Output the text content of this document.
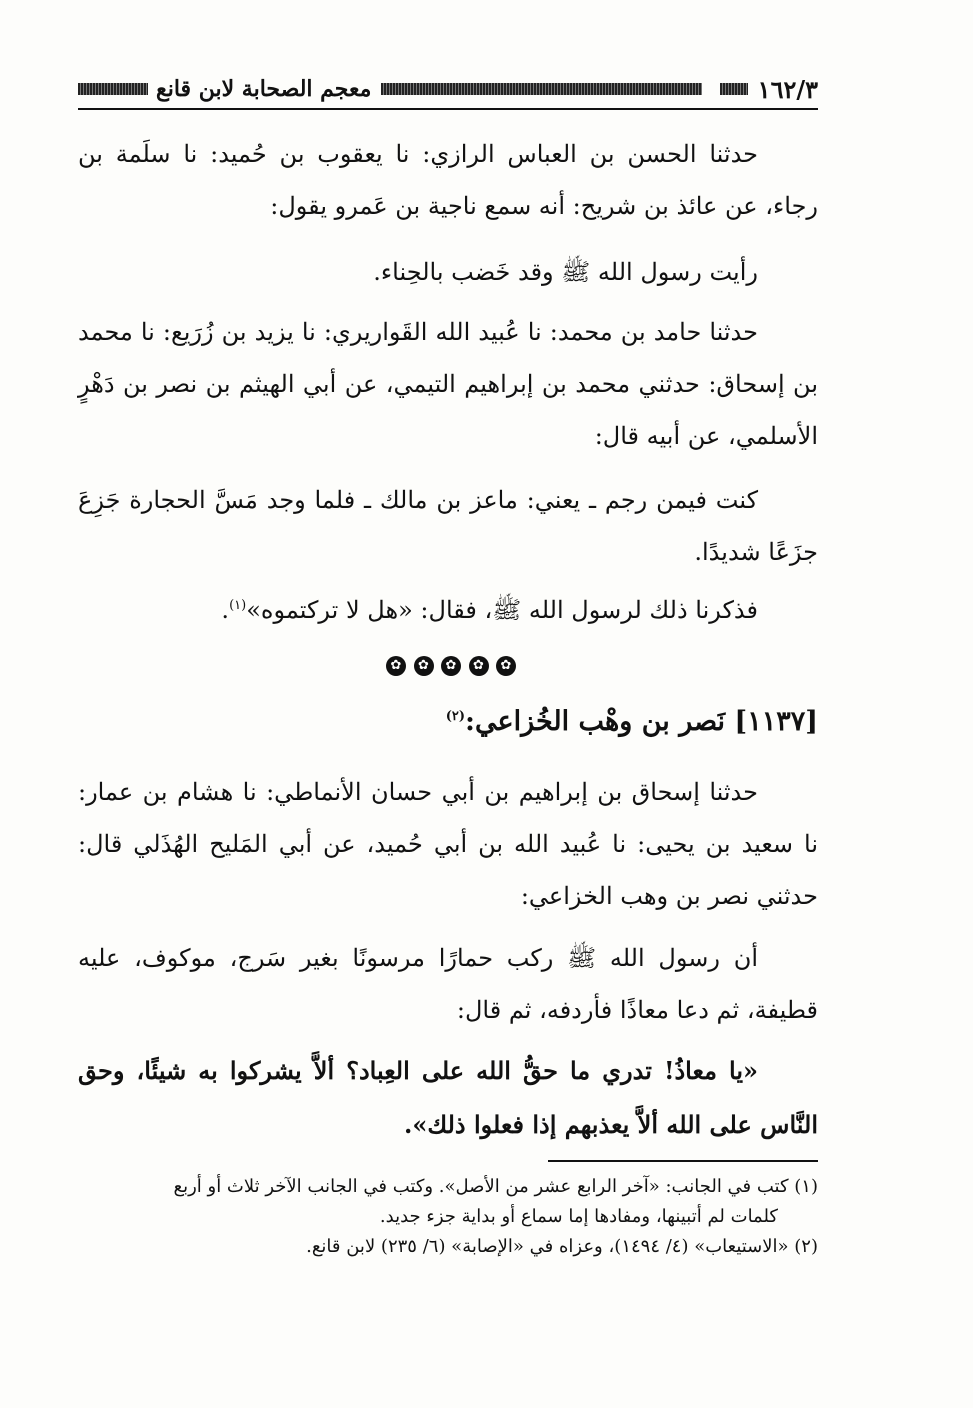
١٦٢/٣
معجم الصحابة لابن قانع

حدثنا الحسن بن العباس الرازي: نا يعقوب بن حُميد: نا سلَمة بن رجاء، عن عائذ بن شريح: أنه سمع ناجية بن عَمرو يقول:

رأيت رسول الله ﷺ وقد خَضب بالحِناء.

حدثنا حامد بن محمد: نا عُبيد الله القَواريري: نا يزيد بن زُرَيع: نا محمد بن إسحاق: حدثني محمد بن إبراهيم التيمي، عن أبي الهيثم بن نصر بن دَهْرٍ الأسلمي، عن أبيه قال:

كنت فيمن رجم ـ يعني: ماعز بن مالك ـ فلما وجد مَسَّ الحجارة جَزِعَ جزَعًا شديدًا.

فذكرنا ذلك لرسول الله ﷺ، فقال: «هل لا تركتموه»$^{(١)}$.

✿	✿	✿	✿	✿

[١١٣٧] نَصر بن وهْب الخُزاعي:$^{(٢)}$

حدثنا إسحاق بن إبراهيم بن أبي حسان الأنماطي: نا هشام بن عمار: نا سعيد بن يحيى: نا عُبيد الله بن أبي حُميد، عن أبي المَليح الهُذَلي قال: حدثني نصر بن وهب الخزاعي:

أن رسول الله ﷺ ركب حمارًا مرسونًا بغير سَرج، موكوف، عليه قطيفة، ثم دعا معاذًا فأردفه، ثم قال:

«يا معاذُ! تدري ما حقُّ الله على العِباد؟ ألاَّ يشركوا به شيئًا، وحق النَّاس على الله ألاَّ يعذبهم إذا فعلوا ذلك».

(١) كتب في الجانب: «آخر الرابع عشر من الأصل». وكتب في الجانب الآخر ثلاث أو أربع

كلمات لم أتبينها، ومفادها إما سماع أو بداية جزء جديد.

(٢) «الاستيعاب» (٤/ ١٤٩٤)، وعزاه في «الإصابة» (٦/ ٢٣٥) لابن قانع.
